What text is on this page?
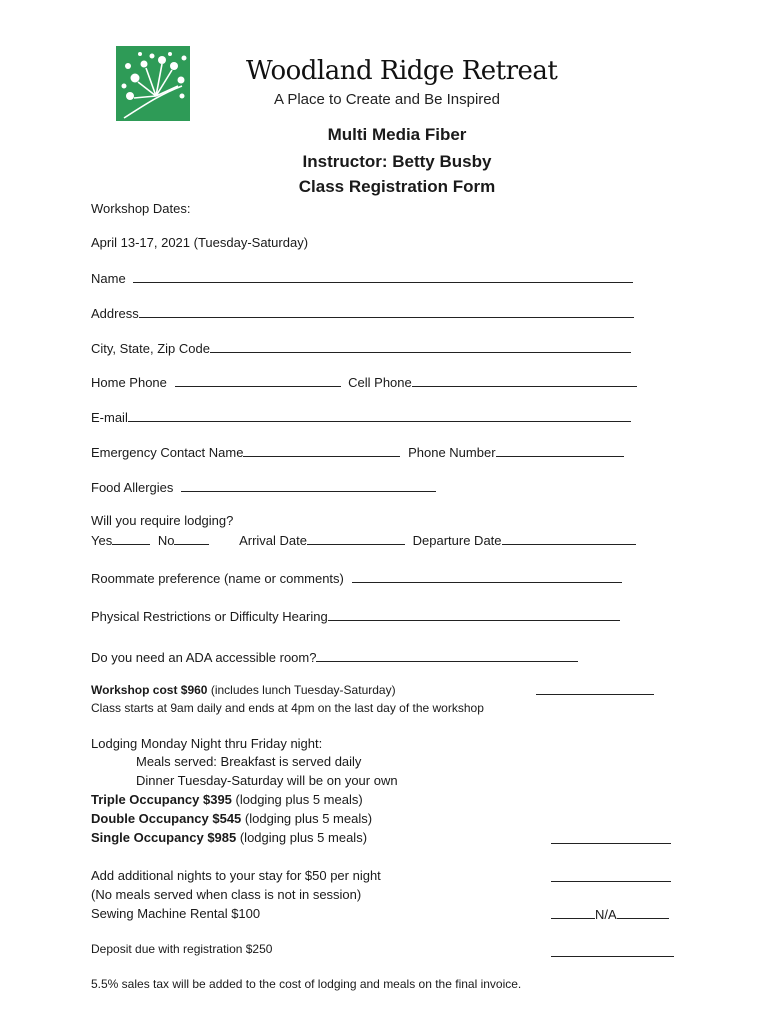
Woodland Ridge Retreat
A Place to Create and Be Inspired
Multi Media Fiber
Instructor: Betty Busby
Class Registration Form
Workshop Dates:
April 13-17, 2021 (Tuesday-Saturday)
Name
Address
City, State, Zip Code
Home Phone	Cell Phone
E-mail
Emergency Contact Name	Phone Number
Food Allergies
Will you require lodging?
Yes	No	Arrival Date	Departure Date
Roommate preference (name or comments)
Physical Restrictions or Difficulty Hearing
Do you need an ADA accessible room?
Workshop cost $960 (includes lunch Tuesday-Saturday)
Class starts at 9am daily and ends at 4pm on the last day of the workshop
Lodging Monday Night thru Friday night:
Meals served: Breakfast is served daily
Dinner Tuesday-Saturday will be on your own
Triple Occupancy $395 (lodging plus 5 meals)
Double Occupancy $545 (lodging plus 5 meals)
Single Occupancy $985 (lodging plus 5 meals)
Add additional nights to your stay for $50 per night
(No meals served when class is not in session)
Sewing Machine Rental $100	N/A
Deposit due with registration $250
5.5% sales tax will be added to the cost of lodging and meals on the final invoice.
